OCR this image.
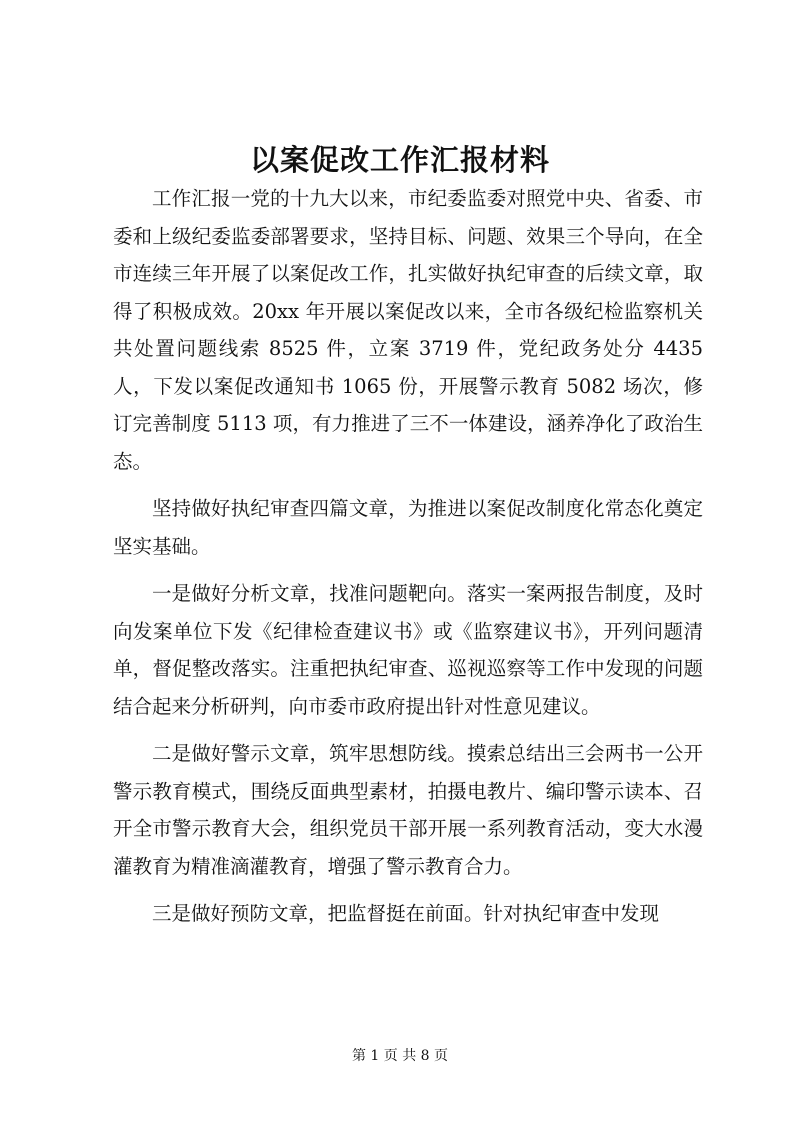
以案促改工作汇报材料

工作汇报一党的十九大以来，市纪委监委对照党中央、省委、市委和上级纪委监委部署要求，坚持目标、问题、效果三个导向，在全市连续三年开展了以案促改工作，扎实做好执纪审查的后续文章，取得了积极成效。20xx 年开展以案促改以来，全市各级纪检监察机关共处置问题线索 8525 件，立案 3719 件，党纪政务处分 4435 人，下发以案促改通知书 1065 份，开展警示教育 5082 场次，修订完善制度 5113 项，有力推进了三不一体建设，涵养净化了政治生态。

坚持做好执纪审查四篇文章，为推进以案促改制度化常态化奠定坚实基础。

一是做好分析文章，找准问题靶向。落实一案两报告制度，及时向发案单位下发《纪律检查建议书》或《监察建议书》，开列问题清单，督促整改落实。注重把执纪审查、巡视巡察等工作中发现的问题结合起来分析研判，向市委市政府提出针对性意见建议。

二是做好警示文章，筑牢思想防线。摸索总结出三会两书一公开警示教育模式，围绕反面典型素材，拍摄电教片、编印警示读本、召开全市警示教育大会，组织党员干部开展一系列教育活动，变大水漫灌教育为精准滴灌教育，增强了警示教育合力。

三是做好预防文章，把监督挺在前面。针对执纪审查中发现

第 1 页 共 8 页
